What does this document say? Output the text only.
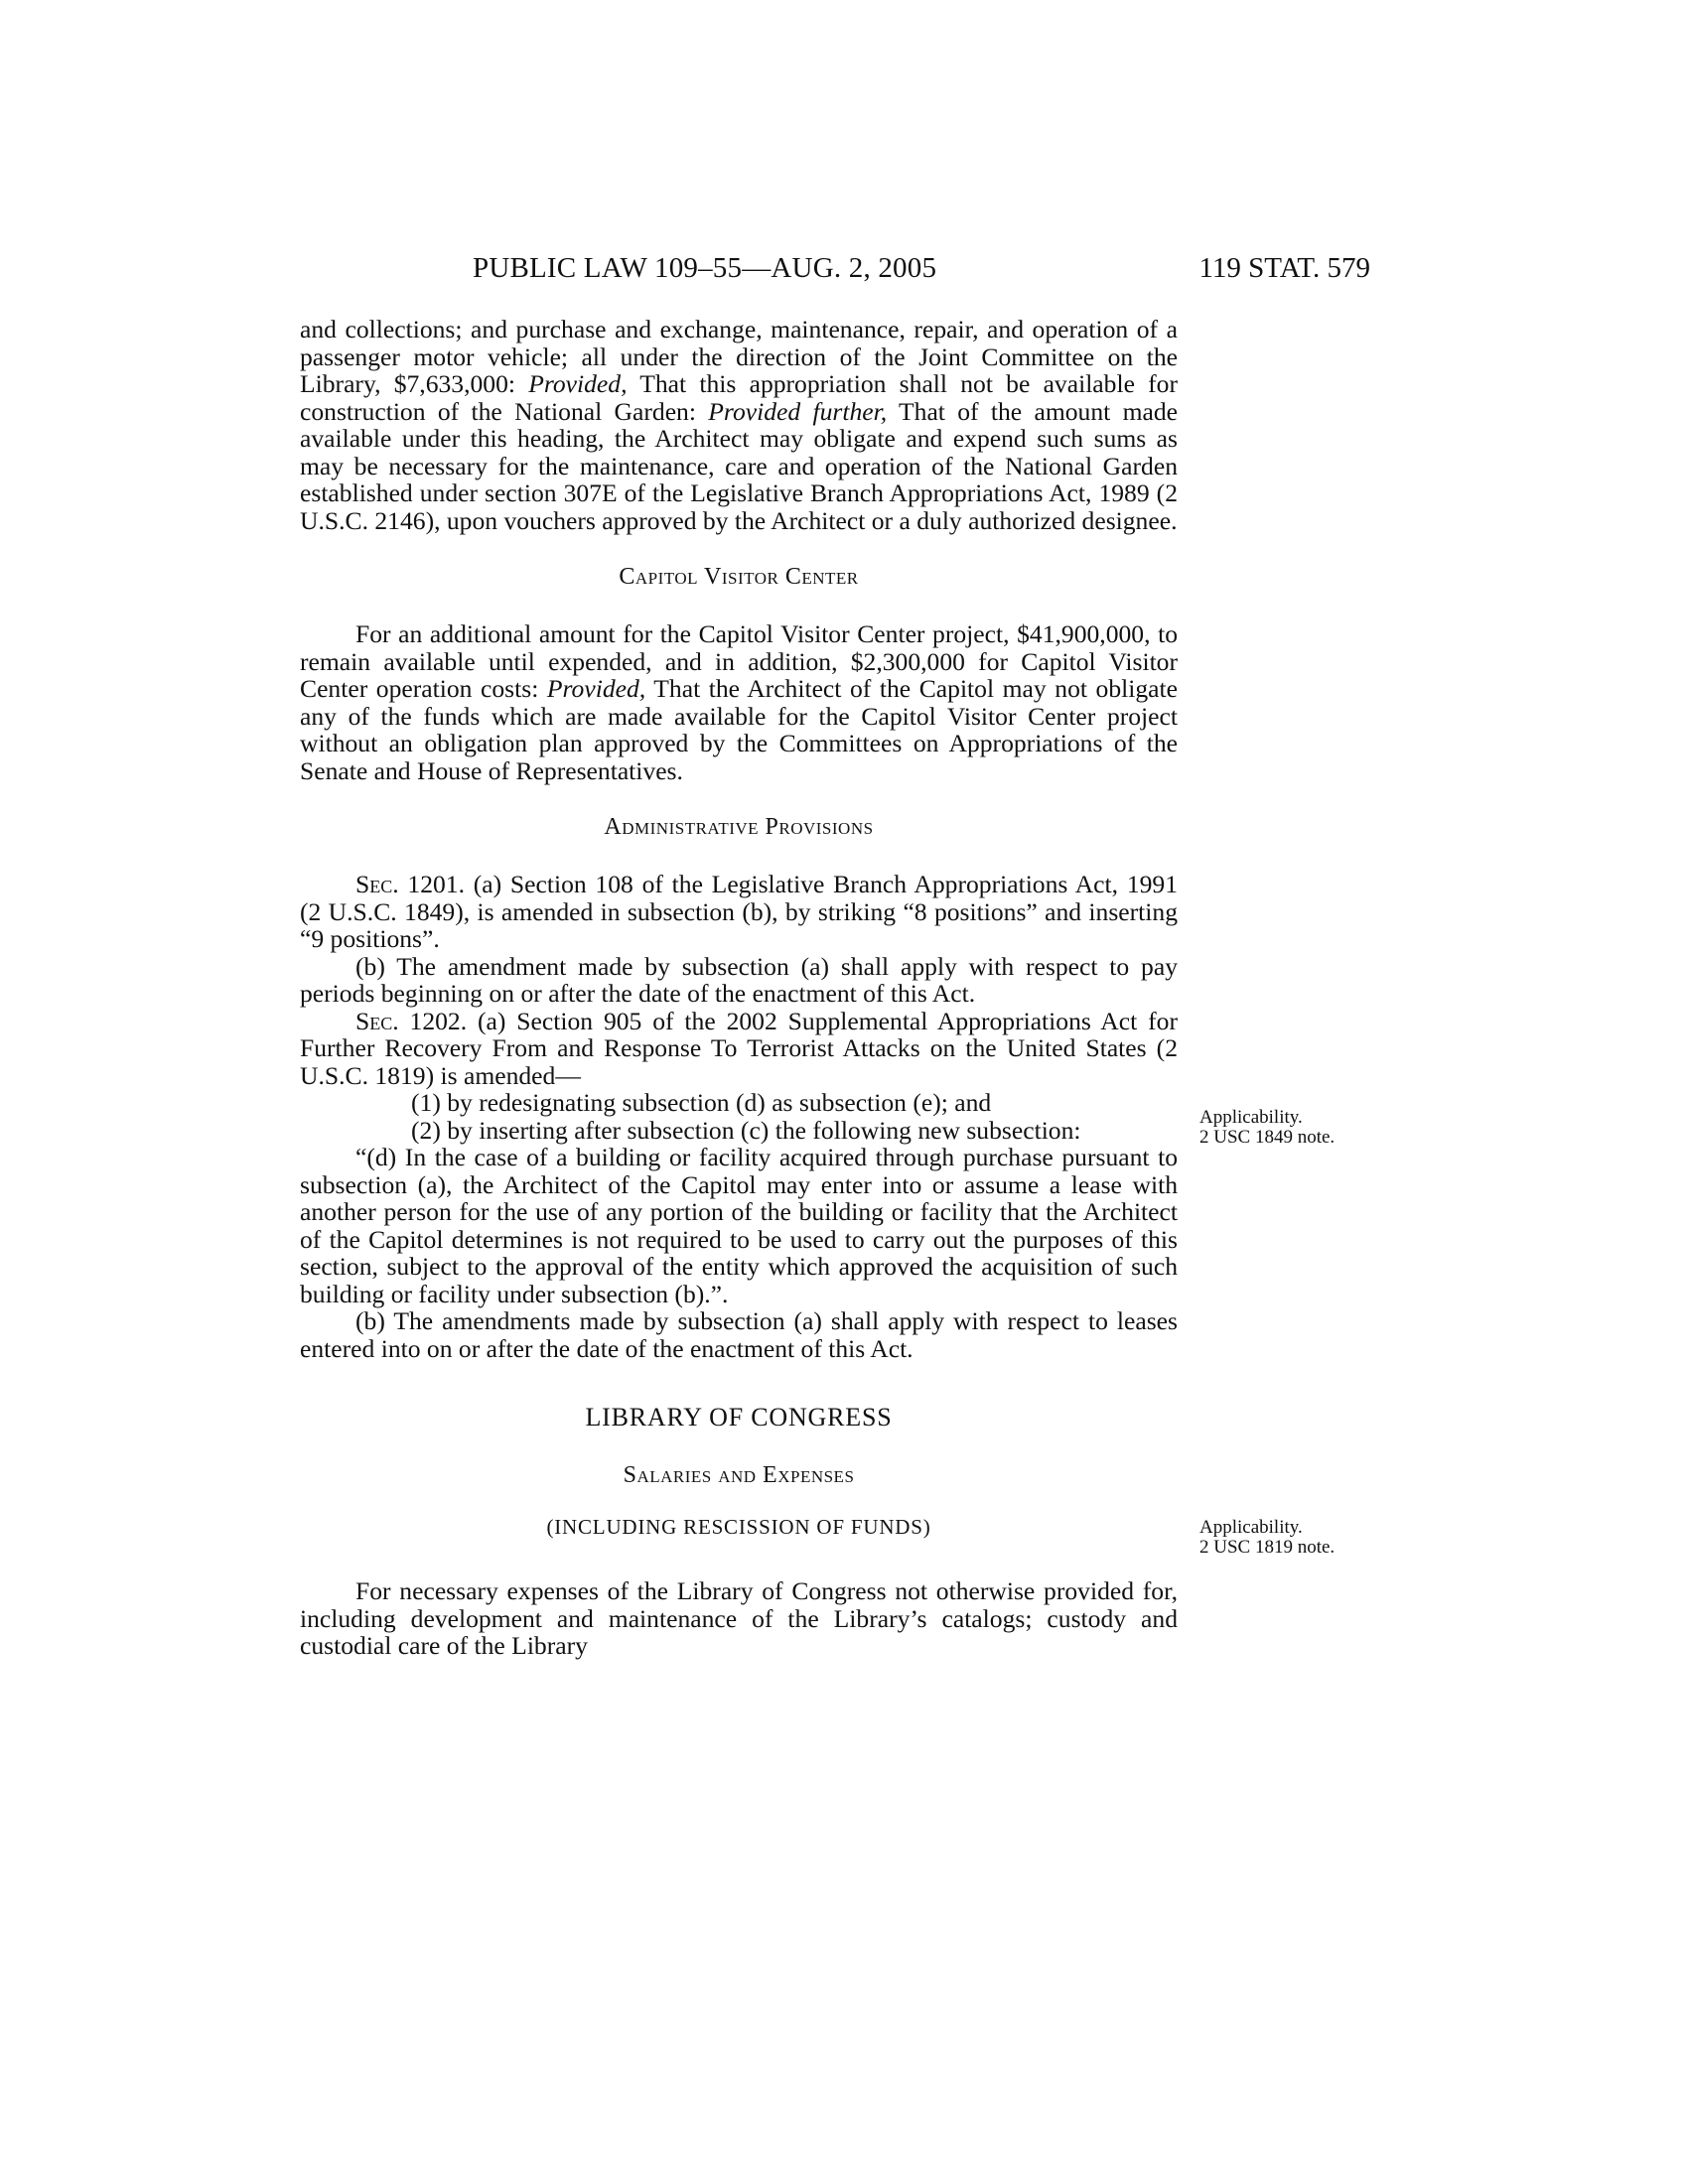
PUBLIC LAW 109–55—AUG. 2, 2005	119 STAT. 579

and collections; and purchase and exchange, maintenance, repair, and operation of a passenger motor vehicle; all under the direction of the Joint Committee on the Library, $7,633,000: Provided, That this appropriation shall not be available for construction of the National Garden: Provided further, That of the amount made available under this heading, the Architect may obligate and expend such sums as may be necessary for the maintenance, care and operation of the National Garden established under section 307E of the Legislative Branch Appropriations Act, 1989 (2 U.S.C. 2146), upon vouchers approved by the Architect or a duly authorized designee.

Capitol Visitor Center

For an additional amount for the Capitol Visitor Center project, $41,900,000, to remain available until expended, and in addition, $2,300,000 for Capitol Visitor Center operation costs: Provided, That the Architect of the Capitol may not obligate any of the funds which are made available for the Capitol Visitor Center project without an obligation plan approved by the Committees on Appropriations of the Senate and House of Representatives.

Administrative Provisions

Sec. 1201. (a) Section 108 of the Legislative Branch Appropriations Act, 1991 (2 U.S.C. 1849), is amended in subsection (b), by striking “8 positions” and inserting “9 positions”.

(b) The amendment made by subsection (a) shall apply with respect to pay periods beginning on or after the date of the enactment of this Act.

Sec. 1202. (a) Section 905 of the 2002 Supplemental Appropriations Act for Further Recovery From and Response To Terrorist Attacks on the United States (2 U.S.C. 1819) is amended—

(1) by redesignating subsection (d) as subsection (e); and

(2) by inserting after subsection (c) the following new subsection:

“(d) In the case of a building or facility acquired through purchase pursuant to subsection (a), the Architect of the Capitol may enter into or assume a lease with another person for the use of any portion of the building or facility that the Architect of the Capitol determines is not required to be used to carry out the purposes of this section, subject to the approval of the entity which approved the acquisition of such building or facility under subsection (b).”.

(b) The amendments made by subsection (a) shall apply with respect to leases entered into on or after the date of the enactment of this Act.

LIBRARY OF CONGRESS
Salaries and Expenses
(INCLUDING RESCISSION OF FUNDS)

For necessary expenses of the Library of Congress not otherwise provided for, including development and maintenance of the Library’s catalogs; custody and custodial care of the Library

Applicability.
2 USC 1849 note.
Applicability.
2 USC 1819 note.
